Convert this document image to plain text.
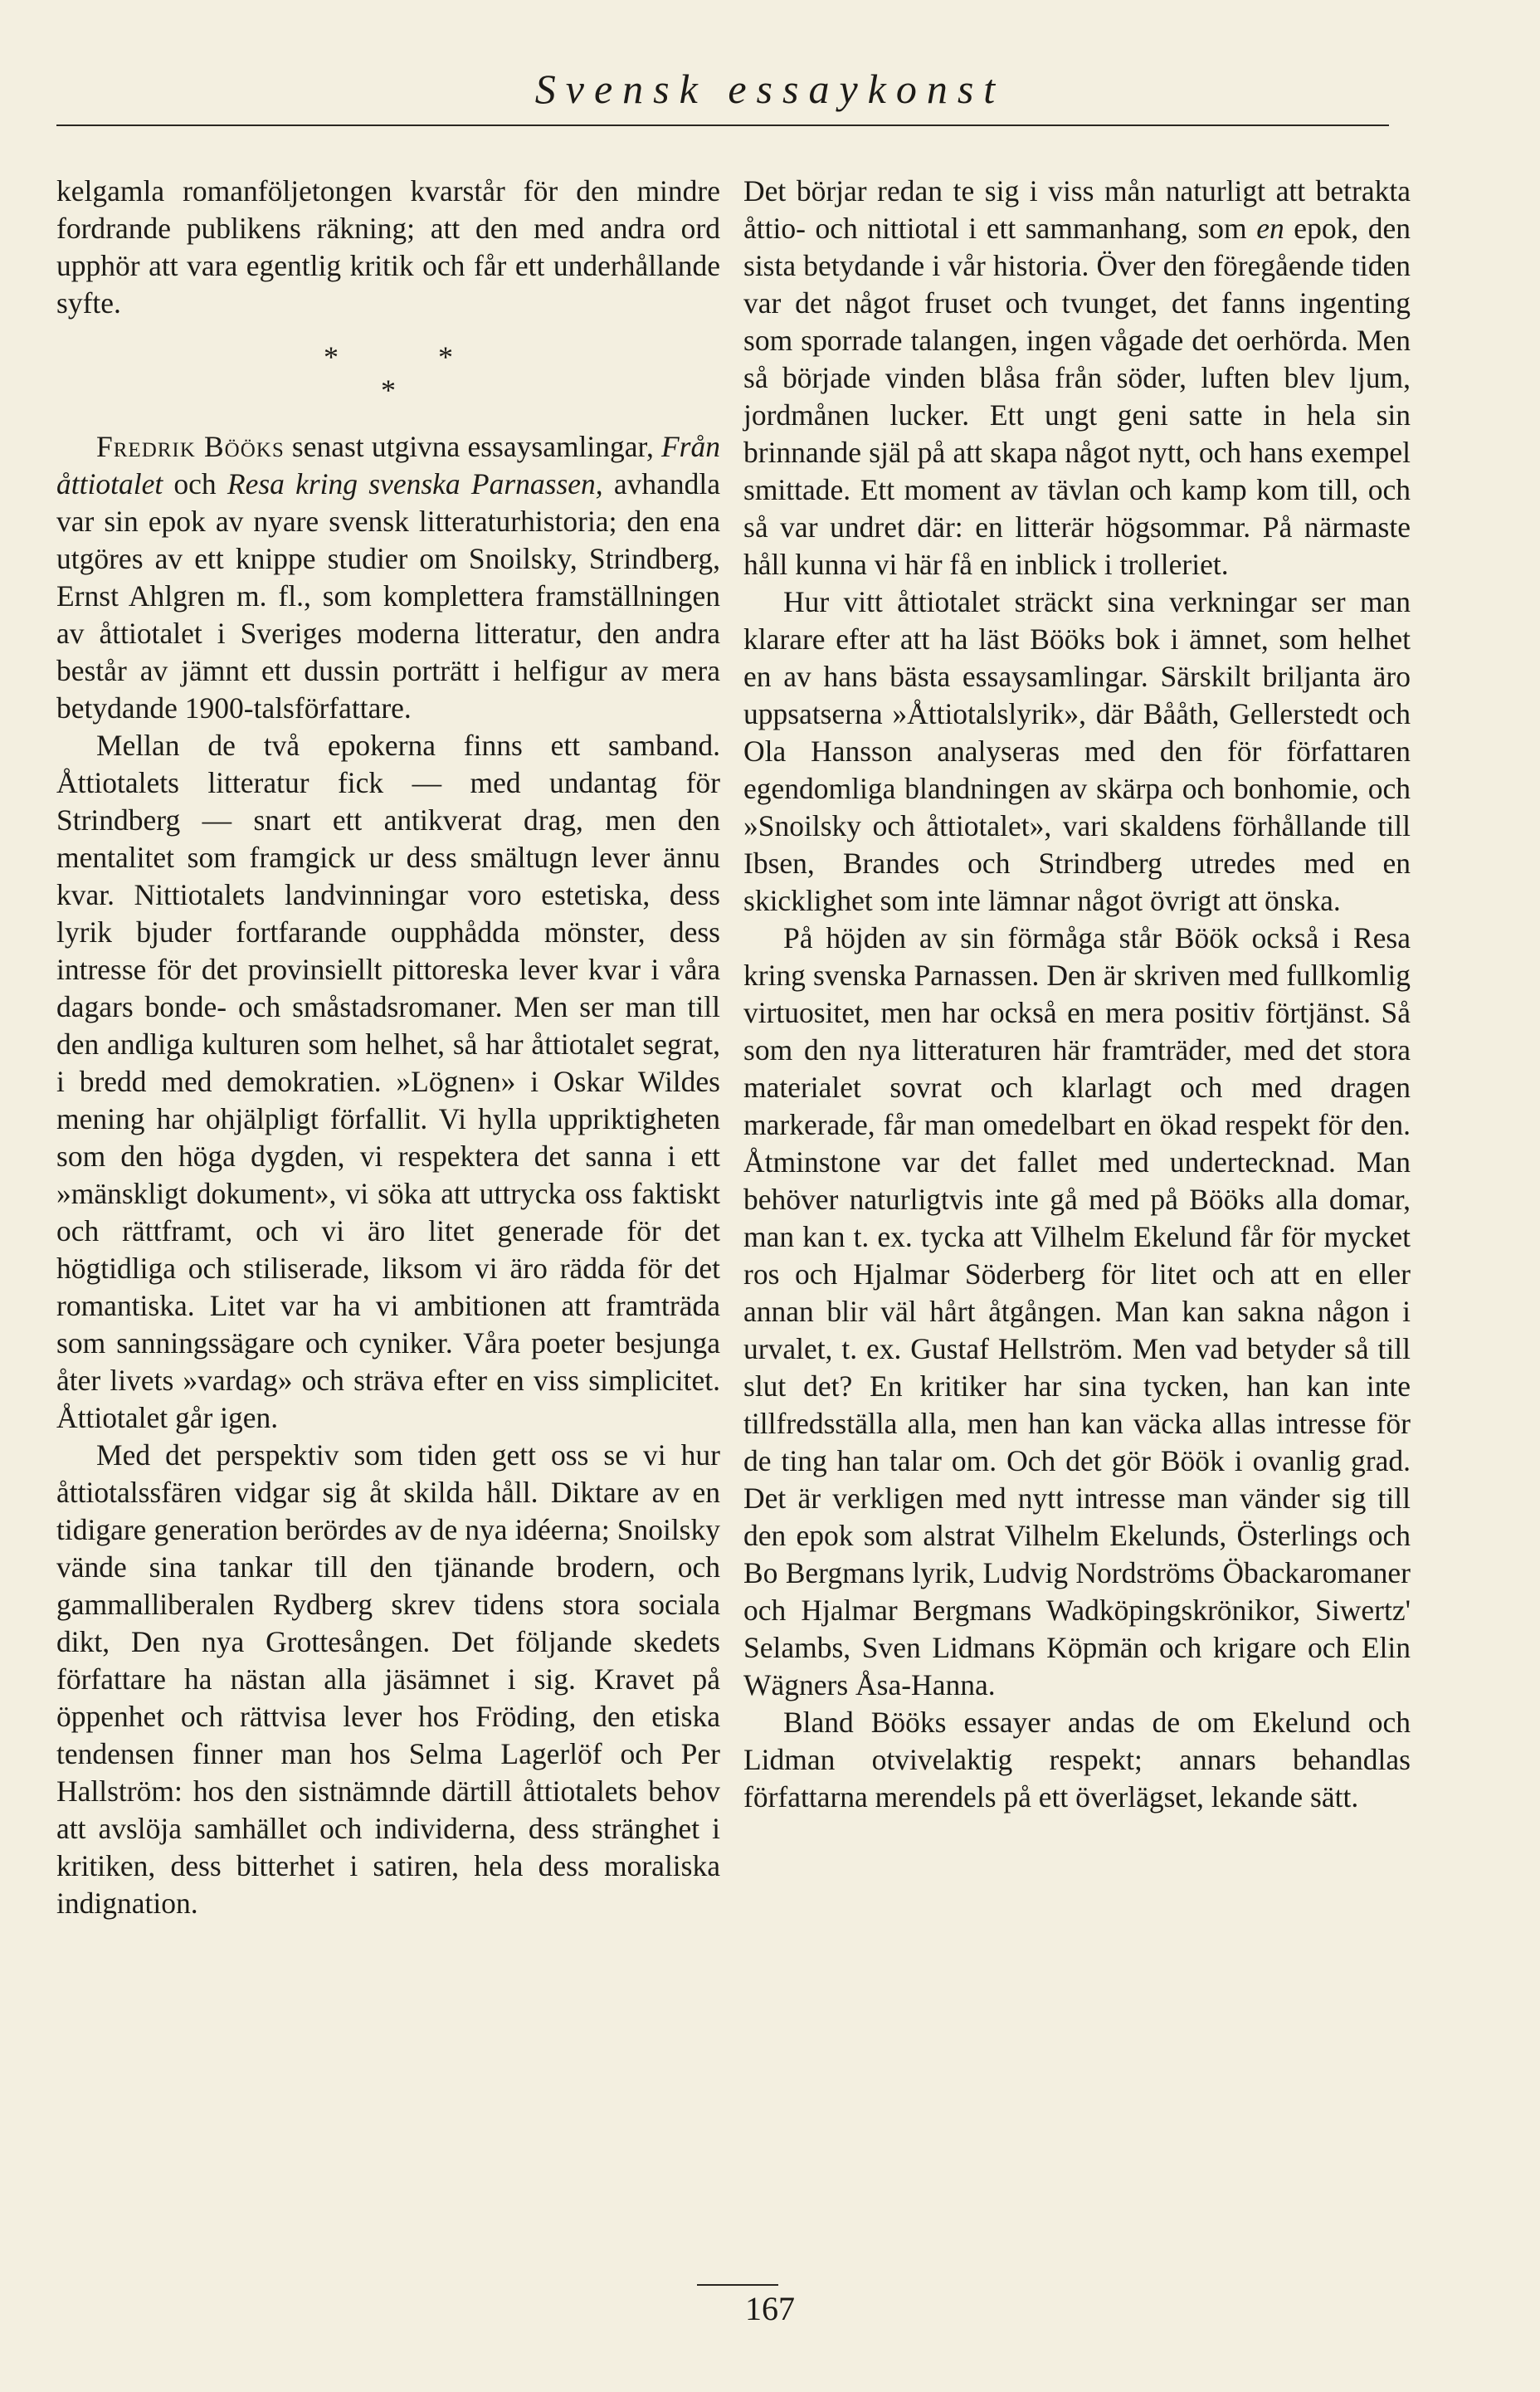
Svensk essaykonst

kelgamla romanföljetongen kvarstår för den mindre fordrande publikens räkning; att den med andra ord upphör att vara egentlig kritik och får ett underhållande syfte.

*	*
*

Fredrik Bööks senast utgivna essaysamlingar, Från åttiotalet och Resa kring svenska Parnassen, avhandla var sin epok av nyare svensk litteraturhistoria; den ena utgöres av ett knippe studier om Snoilsky, Strindberg, Ernst Ahlgren m. fl., som komplettera framställningen av åttiotalet i Sveriges moderna litteratur, den andra består av jämnt ett dussin porträtt i helfigur av mera betydande 1900-talsförfattare.

Mellan de två epokerna finns ett samband. Åttiotalets litteratur fick — med undantag för Strindberg — snart ett antikverat drag, men den mentalitet som framgick ur dess smältugn lever ännu kvar. Nittiotalets landvinningar voro estetiska, dess lyrik bjuder fortfarande oupphådda mönster, dess intresse för det provinsiellt pittoreska lever kvar i våra dagars bonde- och småstadsromaner. Men ser man till den andliga kulturen som helhet, så har åttiotalet segrat, i bredd med demokratien. »Lögnen» i Oskar Wildes mening har ohjälpligt förfallit. Vi hylla uppriktigheten som den höga dygden, vi respektera det sanna i ett »mänskligt dokument», vi söka att uttrycka oss faktiskt och rättframt, och vi äro litet generade för det högtidliga och stiliserade, liksom vi äro rädda för det romantiska. Litet var ha vi ambitionen att framträda som sanningssägare och cyniker. Våra poeter besjunga åter livets »vardag» och sträva efter en viss simplicitet. Åttiotalet går igen.

Med det perspektiv som tiden gett oss se vi hur åttiotalssfären vidgar sig åt skilda håll. Diktare av en tidigare generation berördes av de nya idéerna; Snoilsky vände sina tankar till den tjänande brodern, och gammalliberalen Rydberg skrev tidens stora sociala dikt, Den nya Grottesången. Det följande skedets författare ha nästan alla jäsämnet i sig. Kravet på öppenhet och rättvisa lever hos Fröding, den etiska tendensen finner man hos Selma Lagerlöf och Per Hallström: hos den sistnämnde därtill åttiotalets behov att avslöja samhället och individerna, dess stränghet i kritiken, dess bitterhet i satiren, hela dess moraliska indignation.

Det börjar redan te sig i viss mån naturligt att betrakta åttio- och nittiotal i ett sammanhang, som en epok, den sista betydande i vår historia. Över den föregående tiden var det något fruset och tvunget, det fanns ingenting som sporrade talangen, ingen vågade det oerhörda. Men så började vinden blåsa från söder, luften blev ljum, jordmånen lucker. Ett ungt geni satte in hela sin brinnande själ på att skapa något nytt, och hans exempel smittade. Ett moment av tävlan och kamp kom till, och så var undret där: en litterär högsommar. På närmaste håll kunna vi här få en inblick i trolleriet.

Hur vitt åttiotalet sträckt sina verkningar ser man klarare efter att ha läst Bööks bok i ämnet, som helhet en av hans bästa essaysamlingar. Särskilt briljanta äro uppsatserna »Åttiotalslyrik», där Bååth, Gellerstedt och Ola Hansson analyseras med den för författaren egendomliga blandningen av skärpa och bonhomie, och »Snoilsky och åttiotalet», vari skaldens förhållande till Ibsen, Brandes och Strindberg utredes med en skicklighet som inte lämnar något övrigt att önska.

På höjden av sin förmåga står Böök också i Resa kring svenska Parnassen. Den är skriven med fullkomlig virtuositet, men har också en mera positiv förtjänst. Så som den nya litteraturen här framträder, med det stora materialet sovrat och klarlagt och med dragen markerade, får man omedelbart en ökad respekt för den. Åtminstone var det fallet med undertecknad. Man behöver naturligtvis inte gå med på Bööks alla domar, man kan t. ex. tycka att Vilhelm Ekelund får för mycket ros och Hjalmar Söderberg för litet och att en eller annan blir väl hårt åtgången. Man kan sakna någon i urvalet, t. ex. Gustaf Hellström. Men vad betyder så till slut det? En kritiker har sina tycken, han kan inte tillfredsställa alla, men han kan väcka allas intresse för de ting han talar om. Och det gör Böök i ovanlig grad. Det är verkligen med nytt intresse man vänder sig till den epok som alstrat Vilhelm Ekelunds, Österlings och Bo Bergmans lyrik, Ludvig Nordströms Öbackaromaner och Hjalmar Bergmans Wadköpingskrönikor, Siwertz' Selambs, Sven Lidmans Köpmän och krigare och Elin Wägners Åsa-Hanna.

Bland Bööks essayer andas de om Ekelund och Lidman otvivelaktig respekt; annars behandlas författarna merendels på ett överlägset, lekande sätt.

167
